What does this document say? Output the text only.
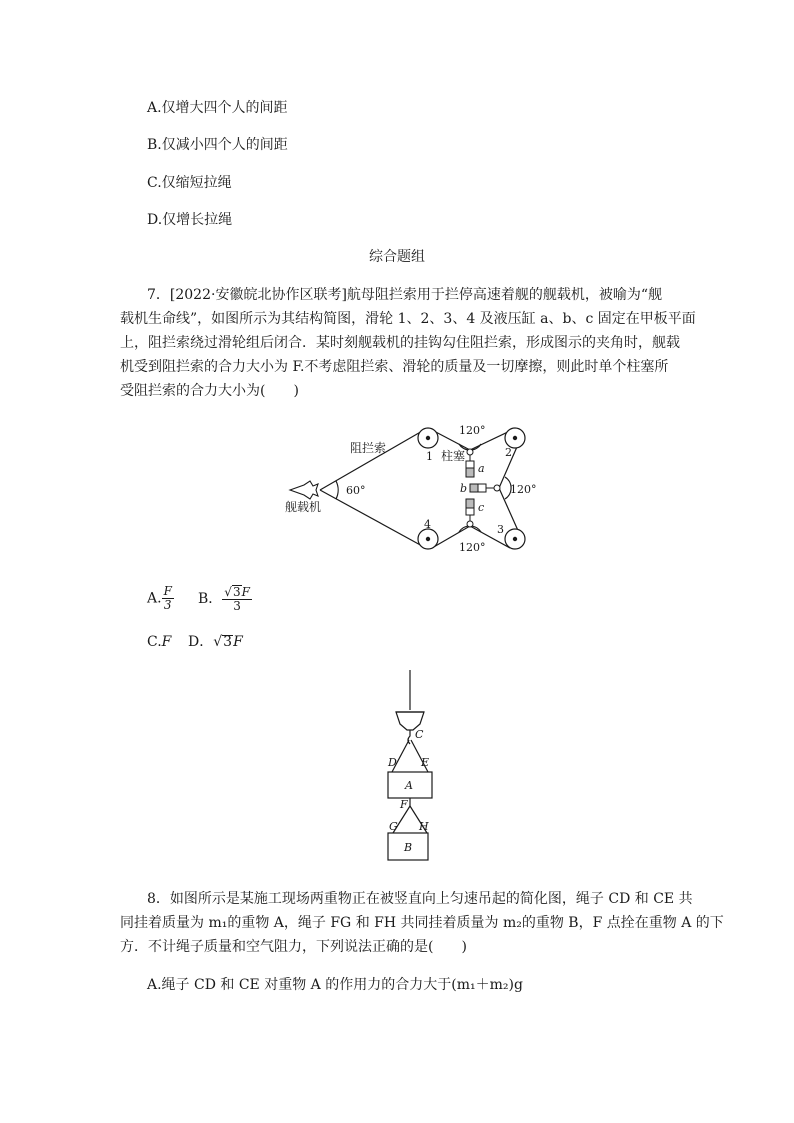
A.仅增大四个人的间距
B.仅减小四个人的间距
C.仅缩短拉绳
D.仅增长拉绳
综合题组
7．[2022·安徽皖北协作区联考]航母阻拦索用于拦停高速着舰的舰载机，被喻为“舰
载机生命线”，如图所示为其结构简图，滑轮 1、2、3、4 及液压缸 a、b、c 固定在甲板平面
上，阻拦索绕过滑轮组后闭合．某时刻舰载机的挂钩勾住阻拦索，形成图示的夹角时，舰载
机受到阻拦索的合力大小为 F.不考虑阻拦索、滑轮的质量及一切摩擦，则此时单个柱塞所
受阻拦索的合力大小为(　　)
阻拦索
舰载机
柱塞
60°
120°
120°
120°
1	2
3
4
a
b
c
A. $\frac{F}{3}$ B． $\frac{√3F}{3}$
C.F D．√3F
C
D E
A
F
G H
B
8．如图所示是某施工现场两重物正在被竖直向上匀速吊起的简化图，绳子 CD 和 CE 共
同挂着质量为 m₁的重物 A，绳子 FG 和 FH 共同挂着质量为 m₂的重物 B，F 点拴在重物 A 的下
方．不计绳子质量和空气阻力，下列说法正确的是(　　)
A.绳子 CD 和 CE 对重物 A 的作用力的合力大于(m₁＋m₂)g
